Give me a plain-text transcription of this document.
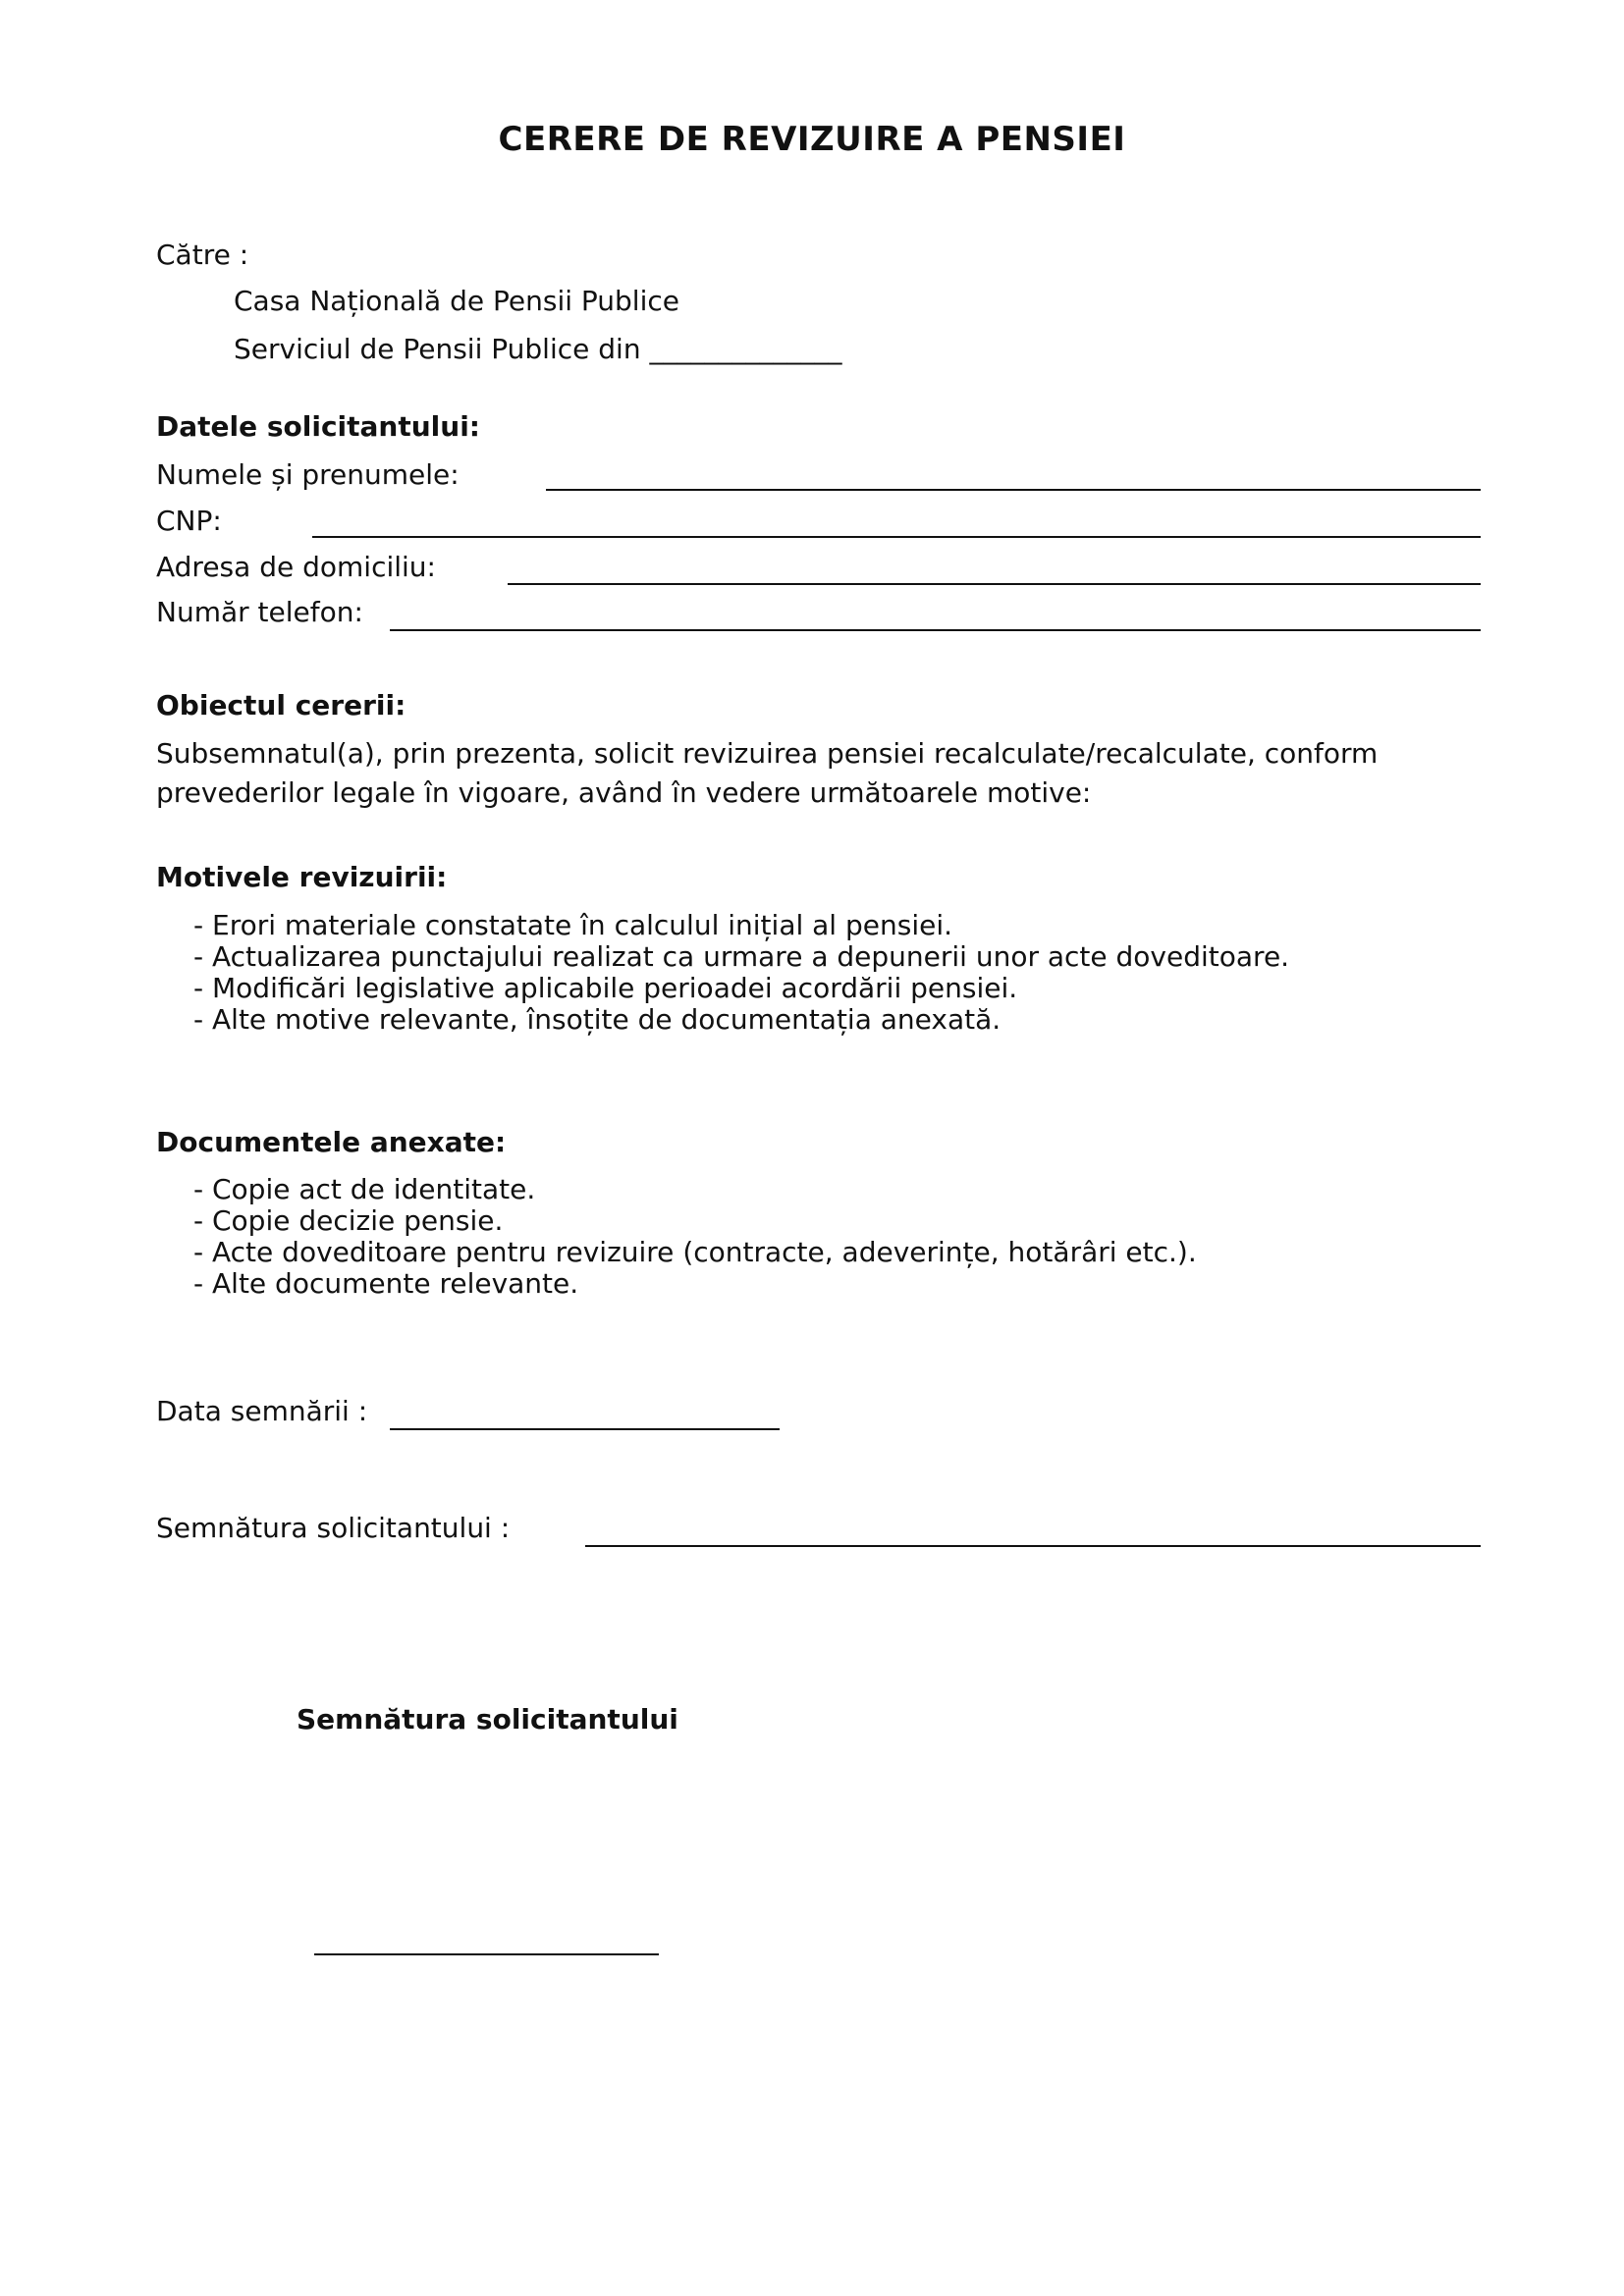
CERERE DE REVIZUIRE A PENSIEI
Către :
Casa Națională de Pensii Publice
Serviciul de Pensii Publice din ______________
Datele solicitantului:
Numele și prenumele:
CNP:
Adresa de domiciliu:
Număr telefon:
Obiectul cererii:
Subsemnatul(a), prin prezenta, solicit revizuirea pensiei recalculate/recalculate, conform
prevederilor legale în vigoare, având în vedere următoarele motive:
Motivele revizuirii:
- Erori materiale constatate în calculul inițial al pensiei.
- Actualizarea punctajului realizat ca urmare a depunerii unor acte doveditoare.
- Modificări legislative aplicabile perioadei acordării pensiei.
- Alte motive relevante, însoțite de documentația anexată.
Documentele anexate:
- Copie act de identitate.
- Copie decizie pensie.
- Acte doveditoare pentru revizuire (contracte, adeverințe, hotărâri etc.).
- Alte documente relevante.
Data semnării :
Semnătura solicitantului :
Semnătura solicitantului
